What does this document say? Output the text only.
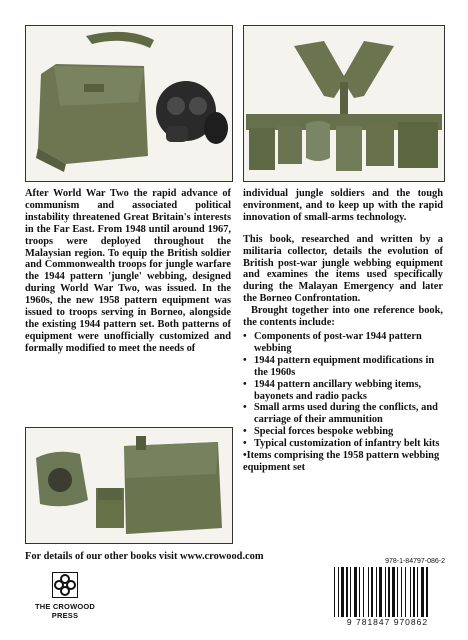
After World War Two the rapid advance of communism and associated political instability threatened Great Britain's interests in the Far East. From 1948 until around 1967, troops were deployed throughout the Malaysian region. To equip the British soldier and Commonwealth troops for jungle warfare the 1944 pattern 'jungle' webbing, designed during World War Two, was issued. In the 1960s, the new 1958 pattern equipment was issued to troops serving in Borneo, alongside the existing 1944 pattern set. Both patterns of equipment were unofficially customized and formally modified to meet the needs of

individual jungle soldiers and the tough environment, and to keep up with the rapid innovation of small-arms technology.

This book, researched and written by a militaria collector, details the evolution of British post-war jungle webbing equipment and examines the items used specifically during the Malayan Emergency and later the Borneo Confrontation.

Brought together into one reference book, the contents include:

• Components of post-war 1944 pattern webbing
• 1944 pattern equipment modifications in the 1960s
• 1944 pattern ancillary webbing items, bayonets and radio packs
• Small arms used during the conflicts, and carriage of their ammunition
• Special forces bespoke webbing
• Typical customization of infantry belt kits
•Items comprising the 1958 pattern webbing equipment set
For details of our other books visit www.crowood.com
THE CROWOOD PRESS
978-1-84797-086-2
9 781847 970862
